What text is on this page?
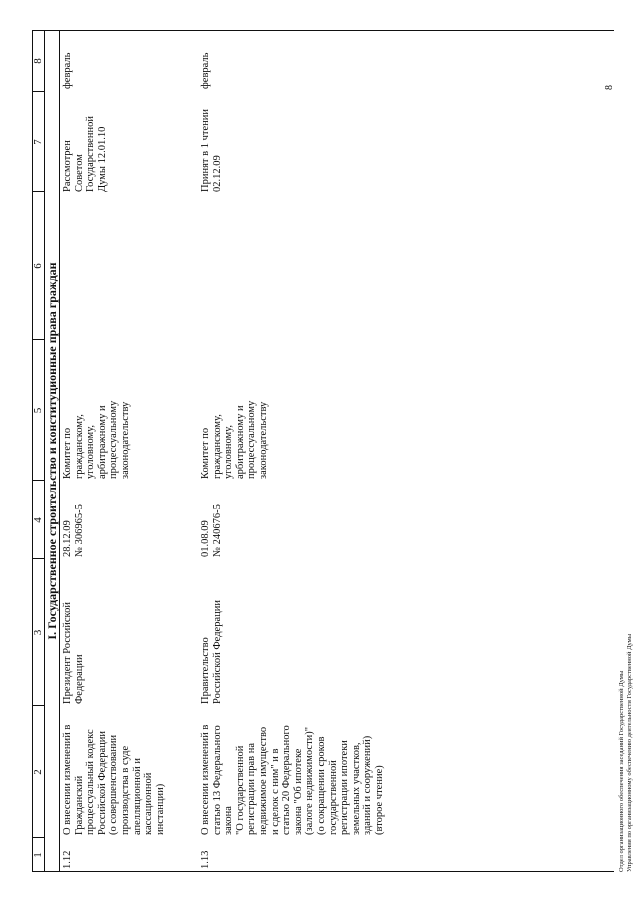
1
2
3
4
5
6
7
8
I. Государственное строительство и конституционные права граждан
1.12
О внесении изменений в
Гражданский
процессуальный кодекс
Российской Федерации
(о совершенствовании
производства в суде
апелляционной и
кассационной
инстанции)
Президент Российской
Федерации
28.12.09
№ 306965-5
Комитет по
гражданскому,
уголовному,
арбитражному и
процессуальному
законодательству
Рассмотрен
Советом
Государственной
Думы 12.01.10
февраль
1.13
О внесении изменений в
статью 13 Федерального
закона
"О государственной
регистрации прав на
недвижимое имущество
и сделок с ним" и в
статью 20 Федерального
закона "Об ипотеке
(залоге недвижимости)"
(о сокращении сроков
государственной
регистрации ипотеки
земельных участков,
зданий и сооружений)
(второе чтение)
Правительство
Российской Федерации
01.08.09
№ 240676-5
Комитет по
гражданскому,
уголовному,
арбитражному и
процессуальному
законодательству
Принят в 1 чтении
02.12.09
февраль
Отдел организационного обеспечения заседаний Государственной Думы Управления по организационному обеспечению деятельности Государственной Думы
8
